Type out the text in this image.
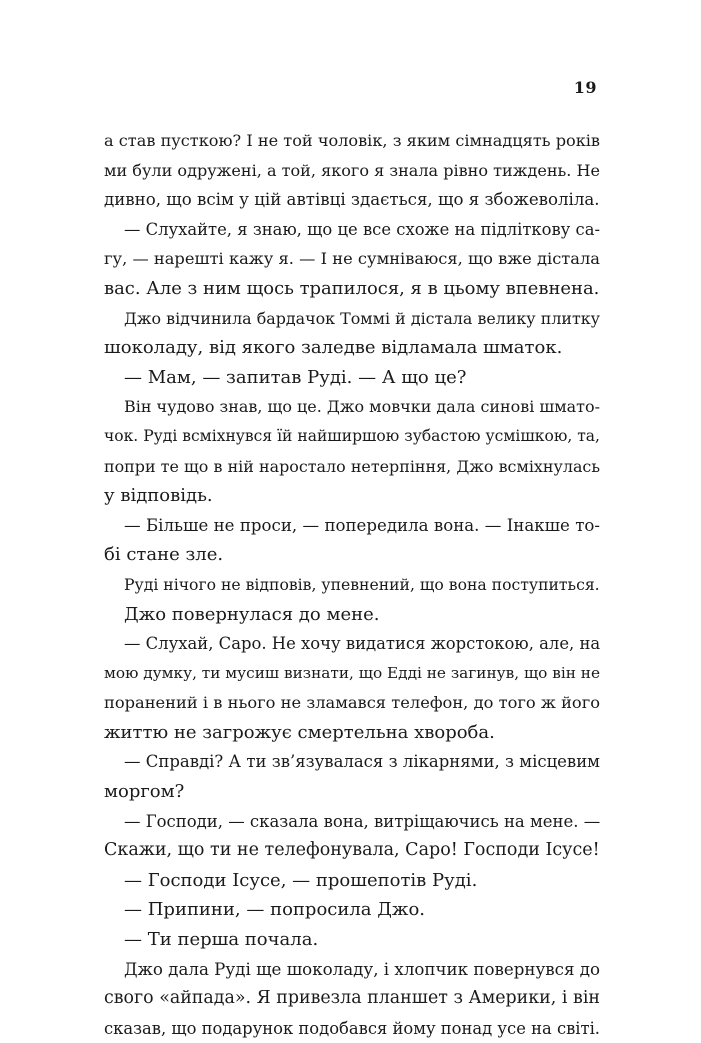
19
а став пусткою? І не той чоловік, з яким сімнадцять років
ми були одружені, а той, якого я знала рівно тиждень. Не
дивно, що всім у цій автівці здається, що я збожеволіла.
— Слухайте, я знаю, що це все схоже на підліткову са-
гу, — нарешті кажу я. — І не сумніваюся, що вже дістала
вас. Але з ним щось трапилося, я в цьому впевнена.
Джо відчинила бардачок Томмі й дістала велику плитку
шоколаду, від якого заледве відламала шматок.
— Мам, — запитав Руді. — А що це?
Він чудово знав, що це. Джо мовчки дала синові шмато-
чок. Руді всміхнувся їй найширшою зубастою усмішкою, та,
попри те що в ній наростало нетерпіння, Джо всміхнулась
у відповідь.
— Більше не проси, — попередила вона. — Інакше то-
бі стане зле.
Руді нічого не відповів, упевнений, що вона поступиться.
Джо повернулася до мене.
— Слухай, Саро. Не хочу видатися жорстокою, але, на
мою думку, ти мусиш визнати, що Едді не загинув, що він не
поранений і в нього не зламався телефон, до того ж його
життю не загрожує смертельна хвороба.
— Справді? А ти зв’язувалася з лікарнями, з місцевим
моргом?
— Господи, — сказала вона, витріщаючись на мене. —
Скажи, що ти не телефонувала, Саро! Господи Ісусе!
— Господи Ісусе, — прошепотів Руді.
— Припини, — попросила Джо.
— Ти перша почала.
Джо дала Руді ще шоколаду, і хлопчик повернувся до
свого «айпада». Я привезла планшет з Америки, і він
сказав, що подарунок подобався йому понад усе на світі.
